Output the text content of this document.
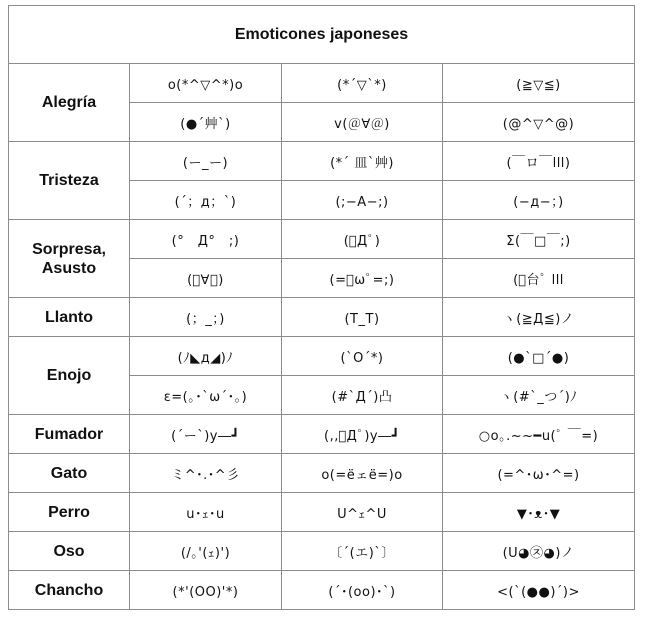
Emoticones japoneses			
Alegría	o(*^▽^*)o	(*´▽`*)	(≧▽≦)
	(●´艸`)	v(＠∀＠)	(@^▽^@)
Tristeza	(ー_ー)	(*´ 皿`艸)	(￣ロ￣lll)
	(´；д；`)	(;−A−;)	(−д−；)
Sorpresa,
Asusto	(°　Д°　;)	(ﾟДﾟ)	Σ(￣□￣;)
	(ﾟ∀｡)	(=ﾟωﾟ=;)	(ﾟ台ﾟ lll
Llanto	(；_；)	(T_T)	ヽ(≧Д≦)ノ
Enojo	(ﾉ◣д◢)ﾉ	(`O´*)	(●`□´●)
	ε=(｡･`ω´･｡)	(#`Д´)凸	ヽ(#`_つ´)ﾉ
Fumador	(´ー`)y―┛	(,,ﾟДﾟ)y―┛	○o｡.~~━u(ﾟ ￣=)
Gato	ミ^･.･^彡	o(=ëェë=)o	(=^･ω･^=)
Perro	u･ｪ･u	U^ｪ^U	▼･ᴥ･▼
Oso	(/｡'(ｪ)')	〔´(エ)`〕	(U◕㉨◕)ノ
Chancho	(*'(OO)'*)	(´･(oo)･`)	<(`(●●)´)>
